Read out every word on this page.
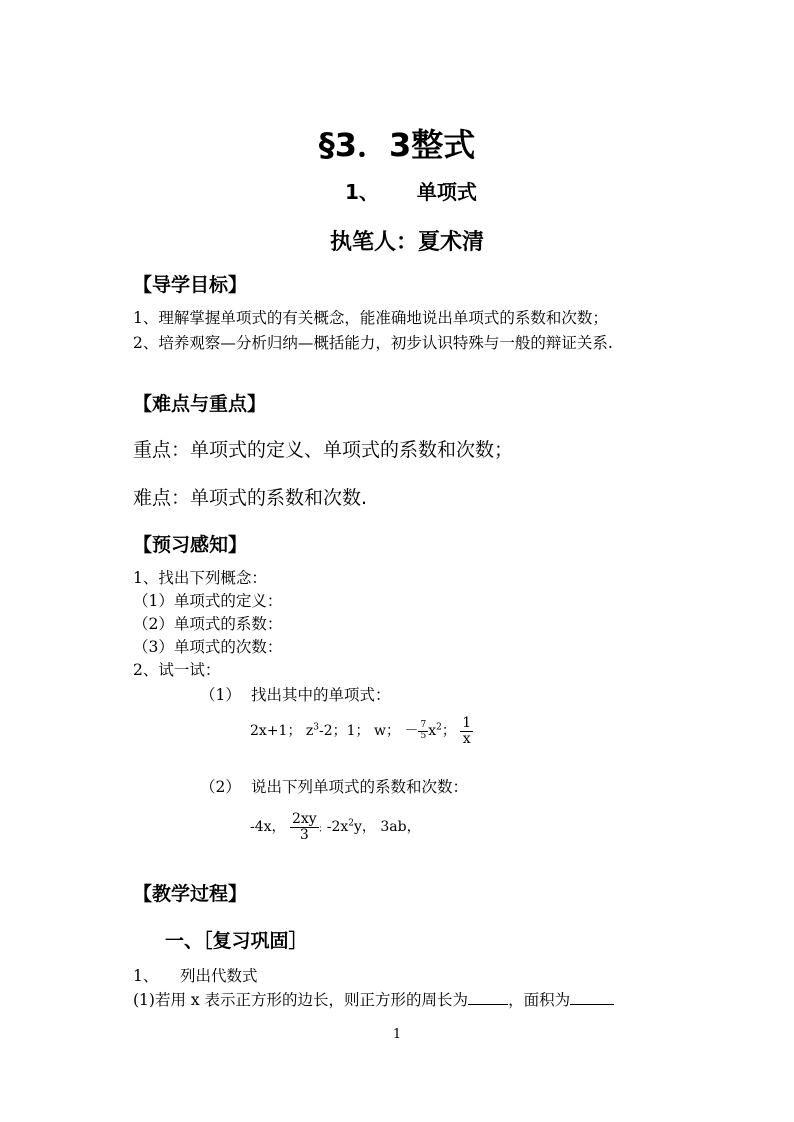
§3．3整式
1、 单项式
执笔人：夏术清
【导学目标】
1、理解掌握单项式的有关概念，能准确地说出单项式的系数和次数；
2、培养观察—分析归纳—概括能力，初步认识特殊与一般的辩证关系.
【难点与重点】
重点：单项式的定义、单项式的系数和次数；
难点：单项式的系数和次数.
【预习感知】
1、找出下列概念：
（1）单项式的定义：
（2）单项式的系数：
（3）单项式的次数：
2、试一试：
（1） 找出其中的单项式：
2x+1； $z^3-2$；1； w； － $\frac{7}{5} x^2$； $\frac{1}{x}$
（2） 说出下列单项式的系数和次数：
-4x， $\frac{2xy}{3}$ ；$-2x^2y$， 3ab，
【教学过程】
一、［复习巩固］
1、 列出代数式
(1)若用 x 表示正方形的边长，则正方形的周长为	，面积为
1
